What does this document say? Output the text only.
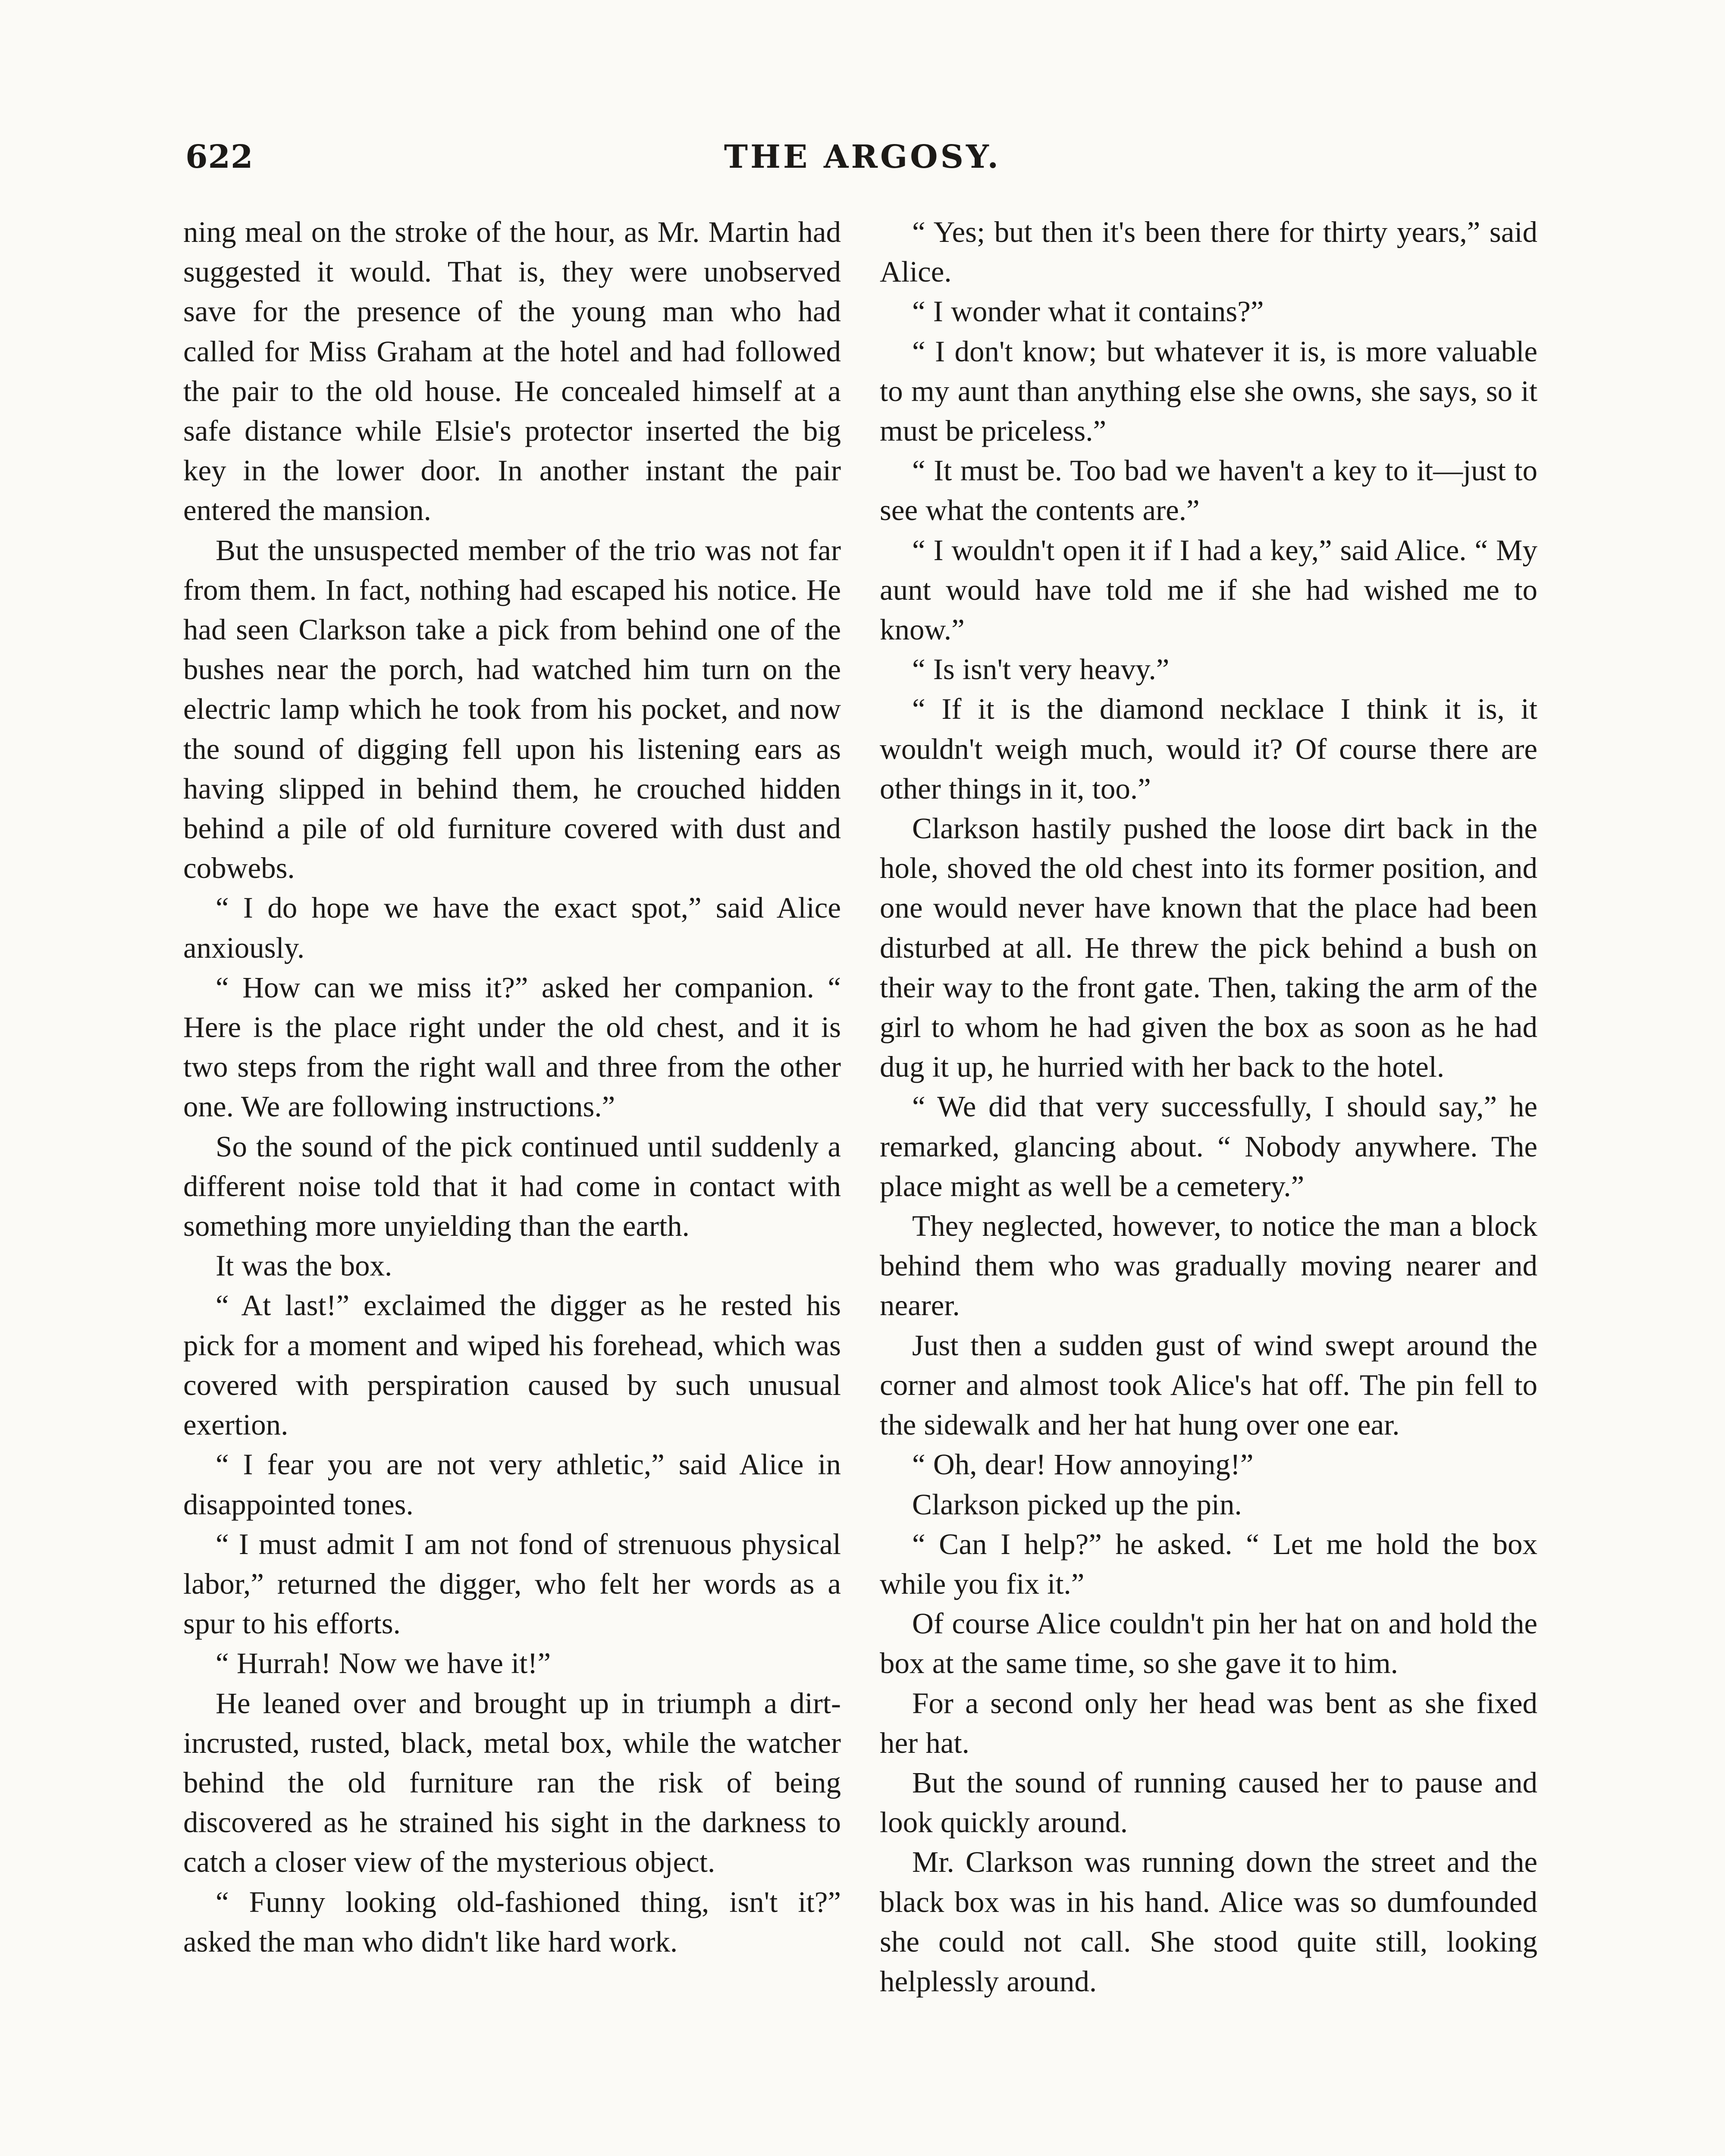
622	THE ARGOSY.

ning meal on the stroke of the hour, as Mr. Martin had suggested it would. That is, they were unobserved save for the presence of the young man who had called for Miss Graham at the hotel and had followed the pair to the old house. He concealed himself at a safe distance while Elsie's protector inserted the big key in the lower door. In another instant the pair entered the mansion.

But the unsuspected member of the trio was not far from them. In fact, nothing had escaped his notice. He had seen Clarkson take a pick from behind one of the bushes near the porch, had watched him turn on the electric lamp which he took from his pocket, and now the sound of digging fell upon his listening ears as having slipped in behind them, he crouched hidden behind a pile of old furniture covered with dust and cobwebs.

“ I do hope we have the exact spot,” said Alice anxiously.

“ How can we miss it?” asked her companion. “ Here is the place right under the old chest, and it is two steps from the right wall and three from the other one. We are following instructions.”

So the sound of the pick continued until suddenly a different noise told that it had come in contact with something more unyielding than the earth.

It was the box.

“ At last!” exclaimed the digger as he rested his pick for a moment and wiped his forehead, which was covered with perspiration caused by such unusual exertion.

“ I fear you are not very athletic,” said Alice in disappointed tones.

“ I must admit I am not fond of strenuous physical labor,” returned the digger, who felt her words as a spur to his efforts.

“ Hurrah! Now we have it!”

He leaned over and brought up in triumph a dirt-incrusted, rusted, black, metal box, while the watcher behind the old furniture ran the risk of being discovered as he strained his sight in the darkness to catch a closer view of the mysterious object.

“ Funny looking old-fashioned thing, isn't it?” asked the man who didn't like hard work.

“ Yes; but then it's been there for thirty years,” said Alice.

“ I wonder what it contains?”

“ I don't know; but whatever it is, is more valuable to my aunt than anything else she owns, she says, so it must be priceless.”

“ It must be. Too bad we haven't a key to it—just to see what the contents are.”

“ I wouldn't open it if I had a key,” said Alice. “ My aunt would have told me if she had wished me to know.”

“ Is isn't very heavy.”

“ If it is the diamond necklace I think it is, it wouldn't weigh much, would it? Of course there are other things in it, too.”

Clarkson hastily pushed the loose dirt back in the hole, shoved the old chest into its former position, and one would never have known that the place had been disturbed at all. He threw the pick behind a bush on their way to the front gate. Then, taking the arm of the girl to whom he had given the box as soon as he had dug it up, he hurried with her back to the hotel.

“ We did that very successfully, I should say,” he remarked, glancing about. “ Nobody anywhere. The place might as well be a cemetery.”

They neglected, however, to notice the man a block behind them who was gradually moving nearer and nearer.

Just then a sudden gust of wind swept around the corner and almost took Alice's hat off. The pin fell to the sidewalk and her hat hung over one ear.

“ Oh, dear! How annoying!”

Clarkson picked up the pin.

“ Can I help?” he asked. “ Let me hold the box while you fix it.”

Of course Alice couldn't pin her hat on and hold the box at the same time, so she gave it to him.

For a second only her head was bent as she fixed her hat.

But the sound of running caused her to pause and look quickly around.

Mr. Clarkson was running down the street and the black box was in his hand. Alice was so dumfounded she could not call. She stood quite still, looking helplessly around.
